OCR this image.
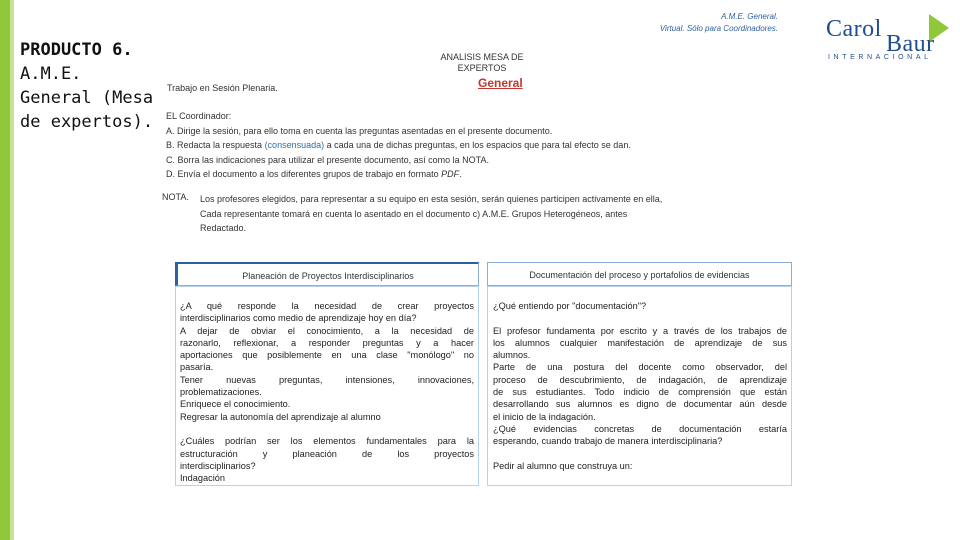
PRODUCTO 6.
A.M.E.
General (Mesa
de expertos).
A.M.E. General.
Virtual. Sólo para Coordinadores. Carol
Baur
INTERNACIONAL
ANALISIS MESA DE
EXPERTOS
General
Trabajo en Sesión Plenaria.
EL Coordinador:
A. Dirige la sesión, para ello toma en cuenta las preguntas asentadas en el presente documento.
B. Redacta la respuesta (consensuada) a cada una de dichas preguntas, en los espacios que para tal efecto se dan.
C. Borra las indicaciones para utilizar el presente documento, así como la NOTA.
D. Envía el documento a los diferentes grupos de trabajo en formato PDF.
NOTA. Los profesores elegidos, para representar a su equipo en esta sesión, serán quienes participen activamente en ella,
Cada representante tomará en cuenta lo asentado en el documento c) A.M.E. Grupos Heterogéneos, antes
Redactado.
Planeación de Proyectos Interdisciplinarios	Documentación del proceso y portafolios de evidencias
¿A qué responde la necesidad de crear proyectos
interdisciplinarios como medio de aprendizaje hoy en día?
A dejar de obviar el conocimiento, a la necesidad de
razonarlo, reflexionar, a responder preguntas y a hacer
aportaciones que posiblemente en una clase "monólogo" no
pasaría.
Tener nuevas preguntas, intensiones, innovaciones,
problematizaciones.
Enriquece el conocimiento.
Regresar la autonomía del aprendizaje al alumno
¿Cuáles podrían ser los elementos fundamentales para la
estructuración y planeación de los proyectos
interdisciplinarios?
Indagación
¿Qué entiendo por "documentación"?
El profesor fundamenta por escrito y a través de los trabajos de
los alumnos cualquier manifestación de aprendizaje de sus
alumnos.
Parte de una postura del docente como observador, del
proceso de descubrimiento, de indagación, de aprendizaje
de sus estudiantes. Todo indicio de comprensión que están
desarrollando sus alumnos es digno de documentar aún desde
el inicio de la indagación.
¿Qué evidencias concretas de documentación estaría
esperando, cuando trabajo de manera interdisciplinaria?
Pedir al alumno que construya un:
